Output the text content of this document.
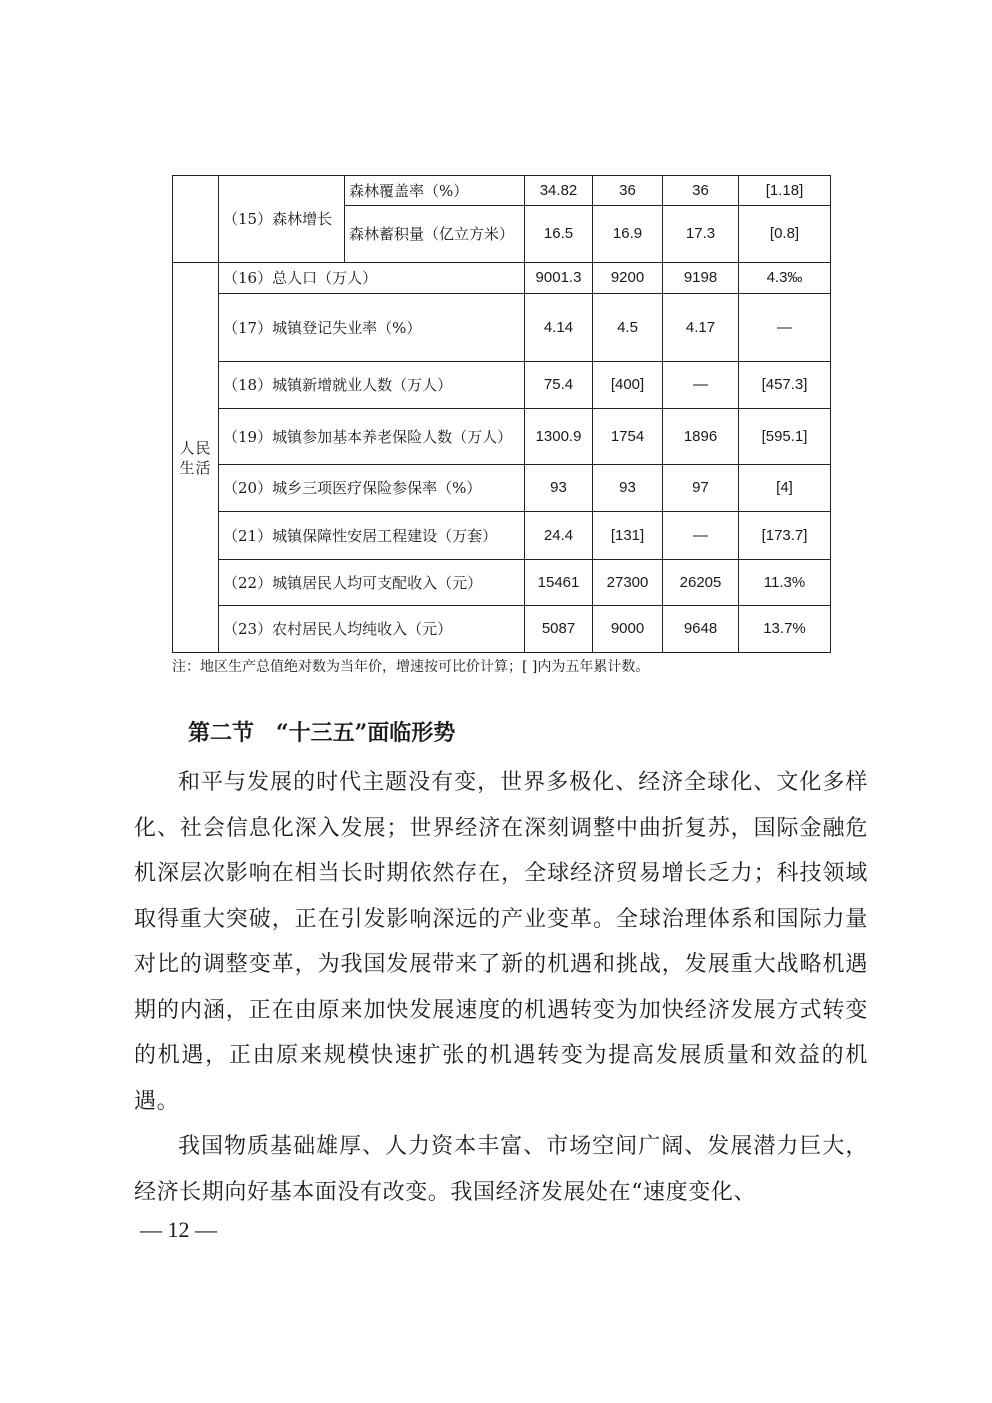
	（15）森林增长	森林覆盖率（%）	34.82	36	36	[1.18]
		森林蓄积量（亿立方米）	16.5	16.9	17.3	[0.8]
人民生活	（16）总人口（万人）		9001.3	9200	9198	4.3‰
	（17）城镇登记失业率（%）		4.14	4.5	4.17	—
	（18）城镇新增就业人数（万人）		75.4	[400]	—	[457.3]
	（19）城镇参加基本养老保险人数（万人）		1300.9	1754	1896	[595.1]
	（20）城乡三项医疗保险参保率（%）		93	93	97	[4]
	（21）城镇保障性安居工程建设（万套）		24.4	[131]	—	[173.7]
	（22）城镇居民人均可支配收入（元）		15461	27300	26205	11.3%
	（23）农村居民人均纯收入（元）		5087	9000	9648	13.7%
注：地区生产总值绝对数为当年价，增速按可比价计算；[ ]内为五年累计数。
第二节　“十三五”面临形势
和平与发展的时代主题没有变，世界多极化、经济全球化、文化多样化、社会信息化深入发展；世界经济在深刻调整中曲折复苏，国际金融危机深层次影响在相当长时期依然存在，全球经济贸易增长乏力；科技领域取得重大突破，正在引发影响深远的产业变革。全球治理体系和国际力量对比的调整变革，为我国发展带来了新的机遇和挑战，发展重大战略机遇期的内涵，正在由原来加快发展速度的机遇转变为加快经济发展方式转变的机遇，正由原来规模快速扩张的机遇转变为提高发展质量和效益的机遇。
我国物质基础雄厚、人力资本丰富、市场空间广阔、发展潜力巨大，经济长期向好基本面没有改变。我国经济发展处在“速度变化、
— 12 —
